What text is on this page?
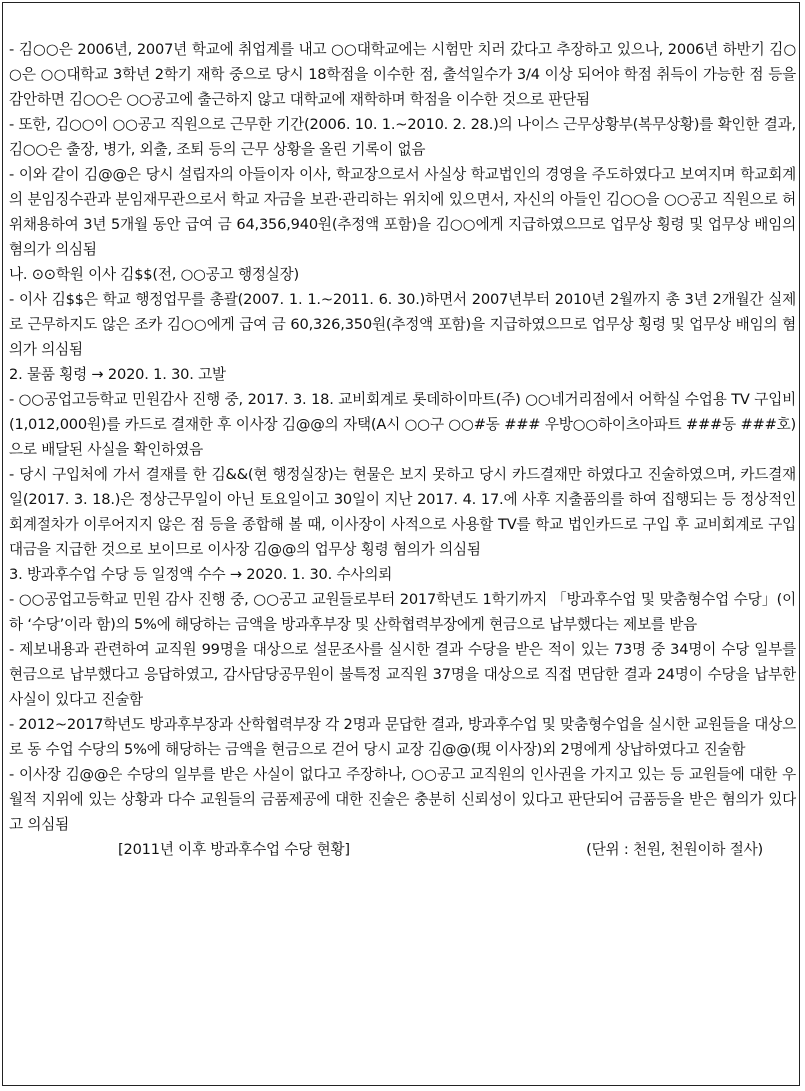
- 김○○은 2006년, 2007년 학교에 취업계를 내고 ○○대학교에는 시험만 치러 갔다고 추장하고 있으나, 2006년 하반기 김○○은 ○○대학교 3학년 2학기 재학 중으로 당시 18학점을 이수한 점, 출석일수가 3/4 이상 되어야 학점 취득이 가능한 점 등을 감안하면 김○○은 ○○공고에 출근하지 않고 대학교에 재학하며 학점을 이수한 것으로 판단됨

- 또한, 김○○이 ○○공고 직원으로 근무한 기간(2006. 10. 1.~2010. 2. 28.)의 나이스 근무상황부(복무상황)를 확인한 결과, 김○○은 출장, 병가, 외출, 조퇴 등의 근무 상황을 올린 기록이 없음

- 이와 같이 김@@은 당시 설립자의 아들이자 이사, 학교장으로서 사실상 학교법인의 경영을 주도하였다고 보여지며 학교회계의 분임징수관과 분임재무관으로서 학교 자금을 보관·관리하는 위치에 있으면서, 자신의 아들인 김○○을 ○○공고 직원으로 허위채용하여 3년 5개월 동안 급여 금 64,356,940원(추정액 포함)을 김○○에게 지급하였으므로 업무상 횡령 및 업무상 배임의 혐의가 의심됨

나. ⊙⊙학원 이사 김$$(전, ○○공고 행정실장)

- 이사 김$$은 학교 행정업무를 총괄(2007. 1. 1.~2011. 6. 30.)하면서 2007년부터 2010년 2월까지 총 3년 2개월간 실제로 근무하지도 않은 조카 김○○에게 급여 금 60,326,350원(추정액 포함)을 지급하였으므로 업무상 횡령 및 업무상 배임의 혐의가 의심됨

2. 물품 횡령 → 2020. 1. 30. 고발

- ○○공업고등학교 민원감사 진행 중, 2017. 3. 18. 교비회계로 롯데하이마트(주) ○○네거리점에서 어학실 수업용 TV 구입비(1,012,000원)를 카드로 결재한 후 이사장 김@@의 자택(A시 ○○구 ○○#동 ### 우방○○하이츠아파트 ###동 ###호)으로 배달된 사실을 확인하였음

- 당시 구입처에 가서 결재를 한 김&&(현 행정실장)는 현물은 보지 못하고 당시 카드결재만 하였다고 진술하였으며, 카드결재일(2017. 3. 18.)은 정상근무일이 아닌 토요일이고 30일이 지난 2017. 4. 17.에 사후 지출품의를 하여 집행되는 등 정상적인 회계절차가 이루어지지 않은 점 등을 종합해 볼 때, 이사장이 사적으로 사용할 TV를 학교 법인카드로 구입 후 교비회계로 구입대금을 지급한 것으로 보이므로 이사장 김@@의 업무상 횡령 혐의가 의심됨

3. 방과후수업 수당 등 일정액 수수 → 2020. 1. 30. 수사의뢰

- ○○공업고등학교 민원 감사 진행 중, ○○공고 교원들로부터 2017학년도 1학기까지 「방과후수업 및 맞춤형수업 수당」(이하 ‘수당’이라 함)의 5%에 해당하는 금액을 방과후부장 및 산학협력부장에게 현금으로 납부했다는 제보를 받음

- 제보내용과 관련하여 교직원 99명을 대상으로 설문조사를 실시한 결과 수당을 받은 적이 있는 73명 중 34명이 수당 일부를 현금으로 납부했다고 응답하였고, 감사담당공무원이 불특정 교직원 37명을 대상으로 직접 면담한 결과 24명이 수당을 납부한 사실이 있다고 진술함

- 2012~2017학년도 방과후부장과 산학협력부장 각 2명과 문답한 결과, 방과후수업 및 맞춤형수업을 실시한 교원들을 대상으로 동 수업 수당의 5%에 해당하는 금액을 현금으로 걷어 당시 교장 김@@(現 이사장)외 2명에게 상납하였다고 진술함

- 이사장 김@@은 수당의 일부를 받은 사실이 없다고 주장하나, ○○공고 교직원의 인사권을 가지고 있는 등 교원들에 대한 우월적 지위에 있는 상황과 다수 교원들의 금품제공에 대한 진술은 충분히 신뢰성이 있다고 판단되어 금품등을 받은 혐의가 있다고 의심됨

[2011년 이후 방과후수업 수당 현황]	(단위 : 천원, 천원이하 절사)
